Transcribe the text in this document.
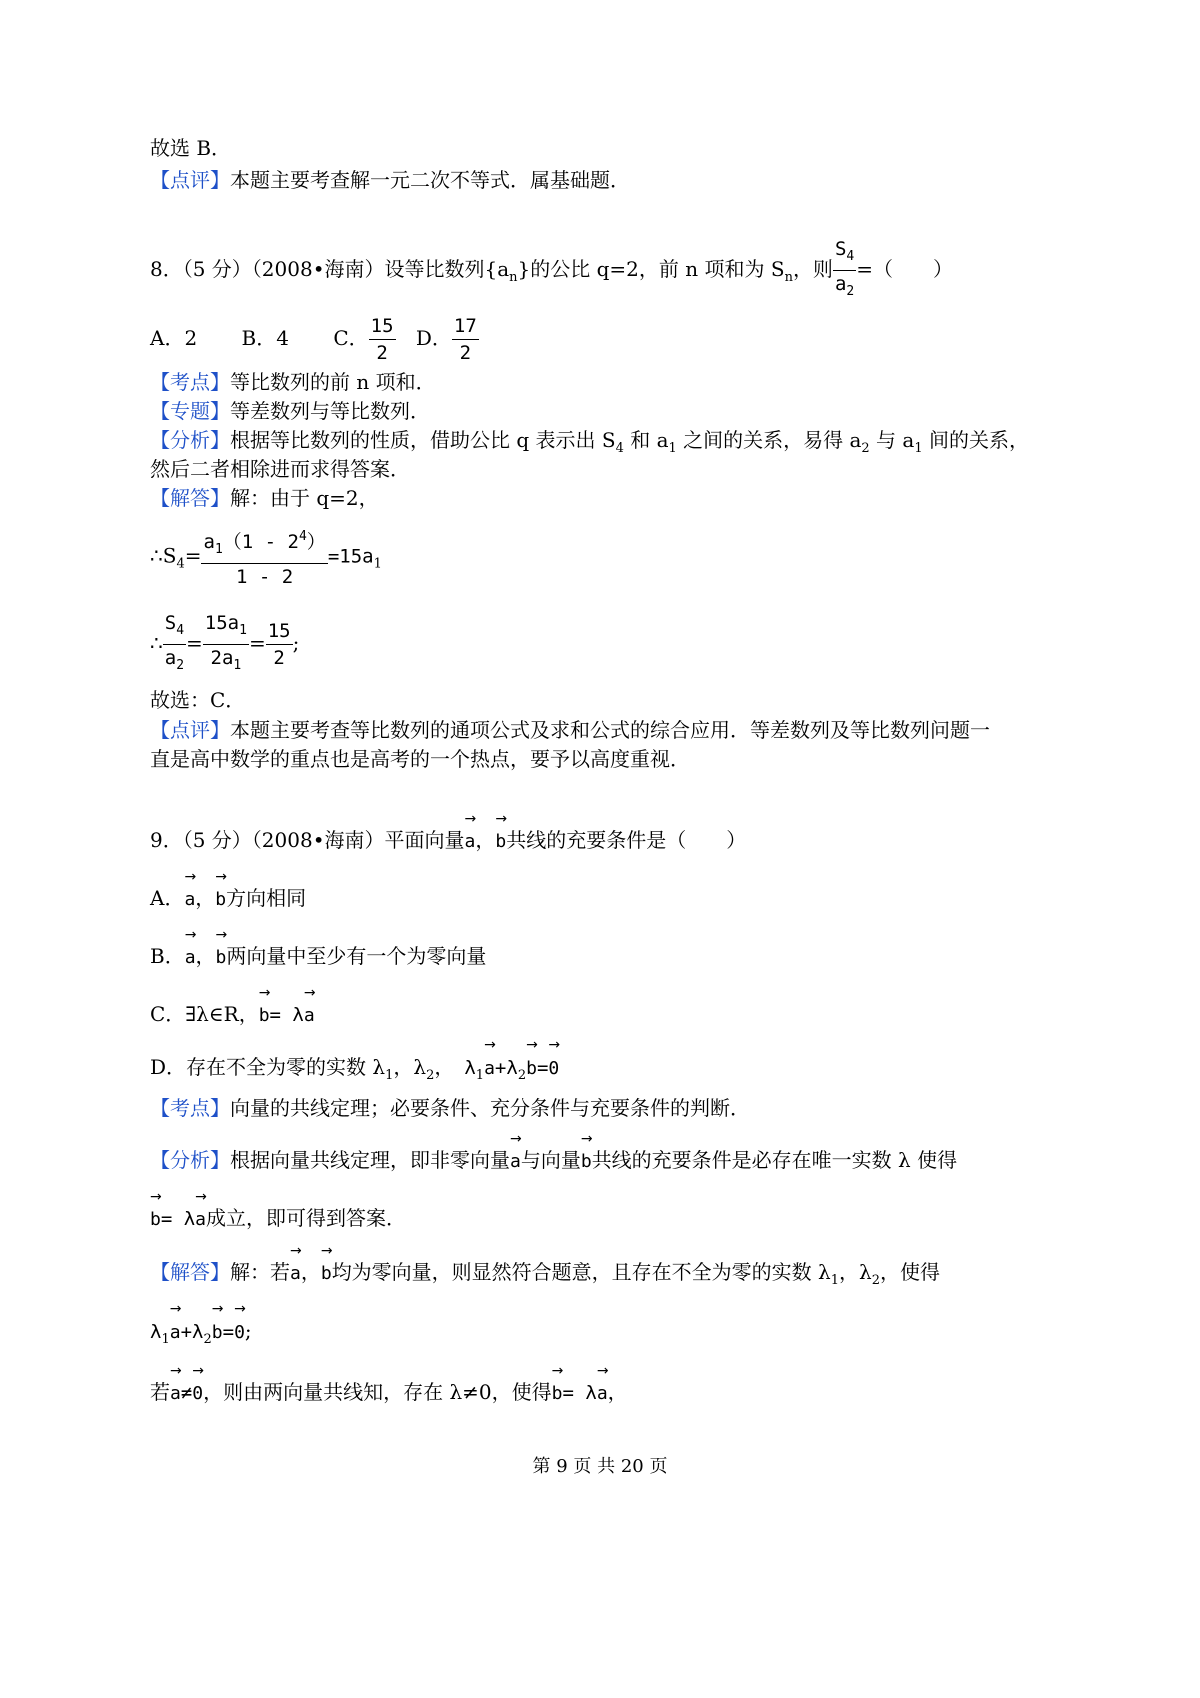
故选 B．
【点评】本题主要考查解一元二次不等式．属基础题．
8．（5 分）（2008•海南）设等比数列$\{a_n\}$的公比 q=2，前 n 项和为 $S_n$，则 $\frac{S_4}{a_2}$ =（　　）
A．2 B．4 C． $\frac{15}{2}$ D． $\frac{17}{2}$
【考点】等比数列的前 n 项和．
【专题】等差数列与等比数列．
【分析】根据等比数列的性质，借助公比 q 表示出 $S_4$ 和 $a_1$ 之间的关系，易得 $a_2$ 与 $a_1$ 间的关系，
然后二者相除进而求得答案．
【解答】解：由于 q=2，
$\therefore S_4= \frac{a_1(1 - 2^4)}{1 - 2} =15a_1$
∴ $\frac{S_4}{a_2} = \frac{15a_1}{2a_1} = \frac{15}{2}$ ;
故选：C．
【点评】本题主要考查等比数列的通项公式及求和公式的综合应用．等差数列及等比数列问题一
直是高中数学的重点也是高考的一个热点，要予以高度重视．
9．（5 分）（2008•海南）平面向量
→
a，
→
b共线的充要条件是（　　）
A．
→
a，
→
b方向相同
B．
→
a，
→
b两向量中至少有一个为零向量
C．∃λ∈R，
→
b= λ
→
a
D．存在不全为零的实数 $\lambda_1$，$\lambda_2$， $\lambda_1$
→
$a+\lambda_2$
→
b=
→
0
【考点】向量的共线定理；必要条件、充分条件与充要条件的判断．
【分析】根据向量共线定理，即非零向量
→
a与向量
→
b共线的充要条件是必存在唯一实数 λ 使得
→
b= λ
→
a成立，即可得到答案．
【解答】解：若
→
a，
→
b均为零向量，则显然符合题意，且存在不全为零的实数 $\lambda_1$，$\lambda_2$，使得
$\lambda_1$
→
$a+\lambda_2$
→
b=
→
0;
若
→
a≠
→
0，则由两向量共线知，存在 λ≠0，使得
→
b= λ
→
a，
第 9 页 共 20 页
